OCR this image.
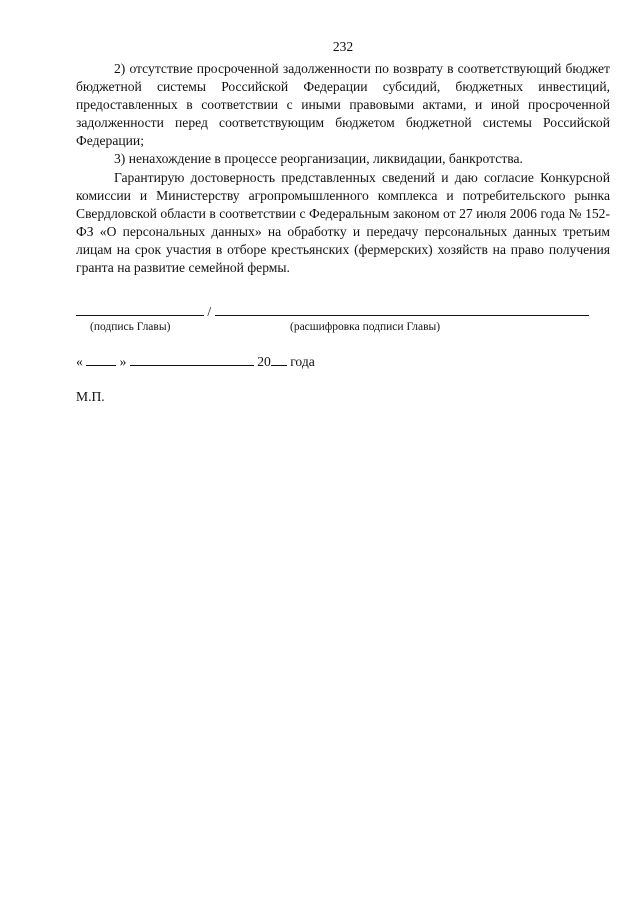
232

2) отсутствие просроченной задолженности по возврату в соответствующий бюджет бюджетной системы Российской Федерации субсидий, бюджетных инвестиций, предоставленных в соответствии с иными правовыми актами, и иной просроченной задолженности перед соответствующим бюджетом бюджетной системы Российской Федерации;

3) ненахождение в процессе реорганизации, ликвидации, банкротства.

Гарантирую достоверность представленных сведений и даю согласие Конкурсной комиссии и Министерству агропромышленного комплекса и потребительского рынка Свердловской области в соответствии с Федеральным законом от 27 июля 2006 года № 152-ФЗ «О персональных данных» на обработку и передачу персональных данных третьим лицам на срок участия в отборе крестьянских (фермерских) хозяйств на право получения гранта на развитие семейной фермы.

/
(подпись Главы)	(расшифровка подписи Главы)
«  »	20 года
М.П.
